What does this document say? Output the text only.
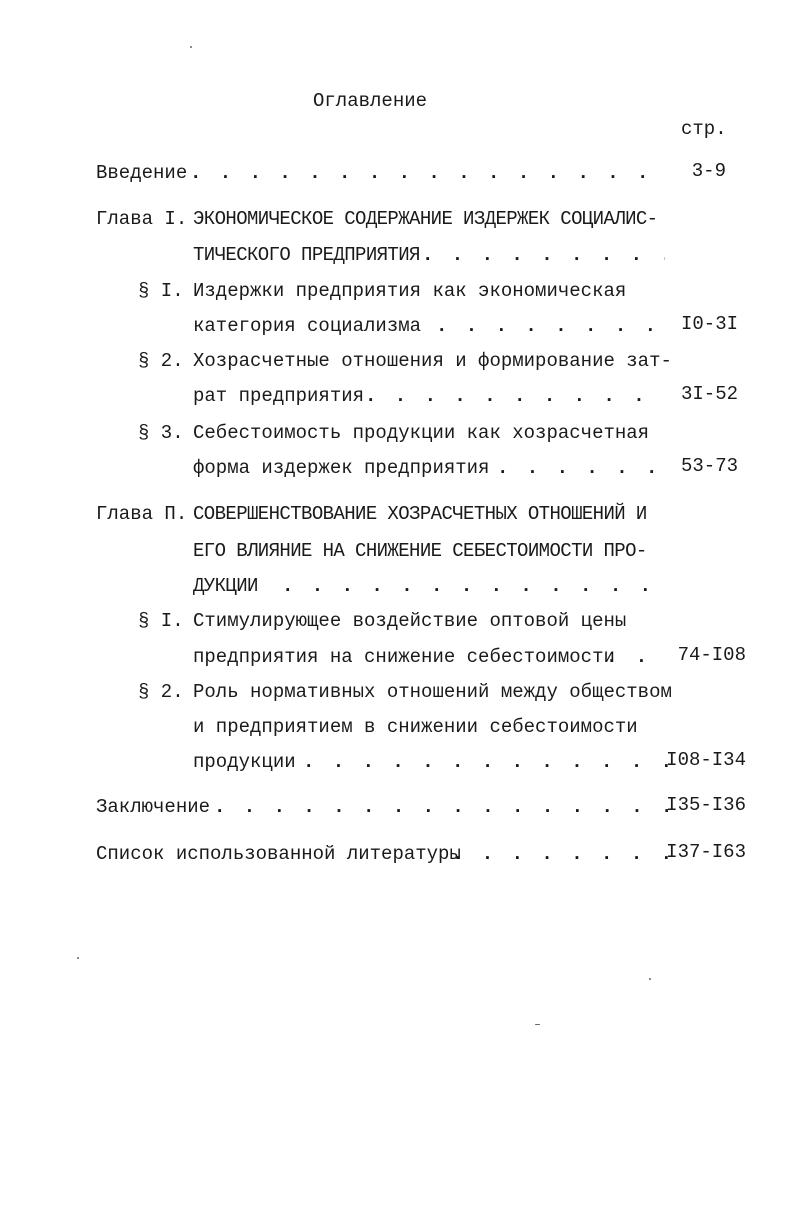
Оглавление
стр.
Введение . . .	3-9
Глава I. ЭКОНОМИЧЕСКОЕ СОДЕРЖАНИЕ ИЗДЕРЖЕК СОЦИАЛИС-
ТИЧЕСКОГО ПРЕДПРИЯТИЯ
. . .
§ I. Издержки предприятия как экономическая
категория социализма . . .	I0-3I
§ 2. Хозрасчетные отношения и формирование зат-
рат предприятия . . .	3I-52
§ 3. Себестоимость продукции как хозрасчетная
форма издержек предприятия . . .	53-73
Глава П. СОВЕРШЕНСТВОВАНИЕ ХОЗРАСЧЕТНЫХ ОТНОШЕНИЙ И
ЕГО ВЛИЯНИЕ НА СНИЖЕНИЕ СЕБЕСТОИМОСТИ ПРО-
ДУКЦИИ
. . .
§ I. Стимулирующее воздействие оптовой цены
предприятия на снижение себестоимости . . .	74-I08
§ 2. Роль нормативных отношений между обществом
и предприятием в снижении себестоимости
продукции . . .	I08-I34
Заключение . . .	I35-I36
Список использованной литературы . . .	I37-I63
